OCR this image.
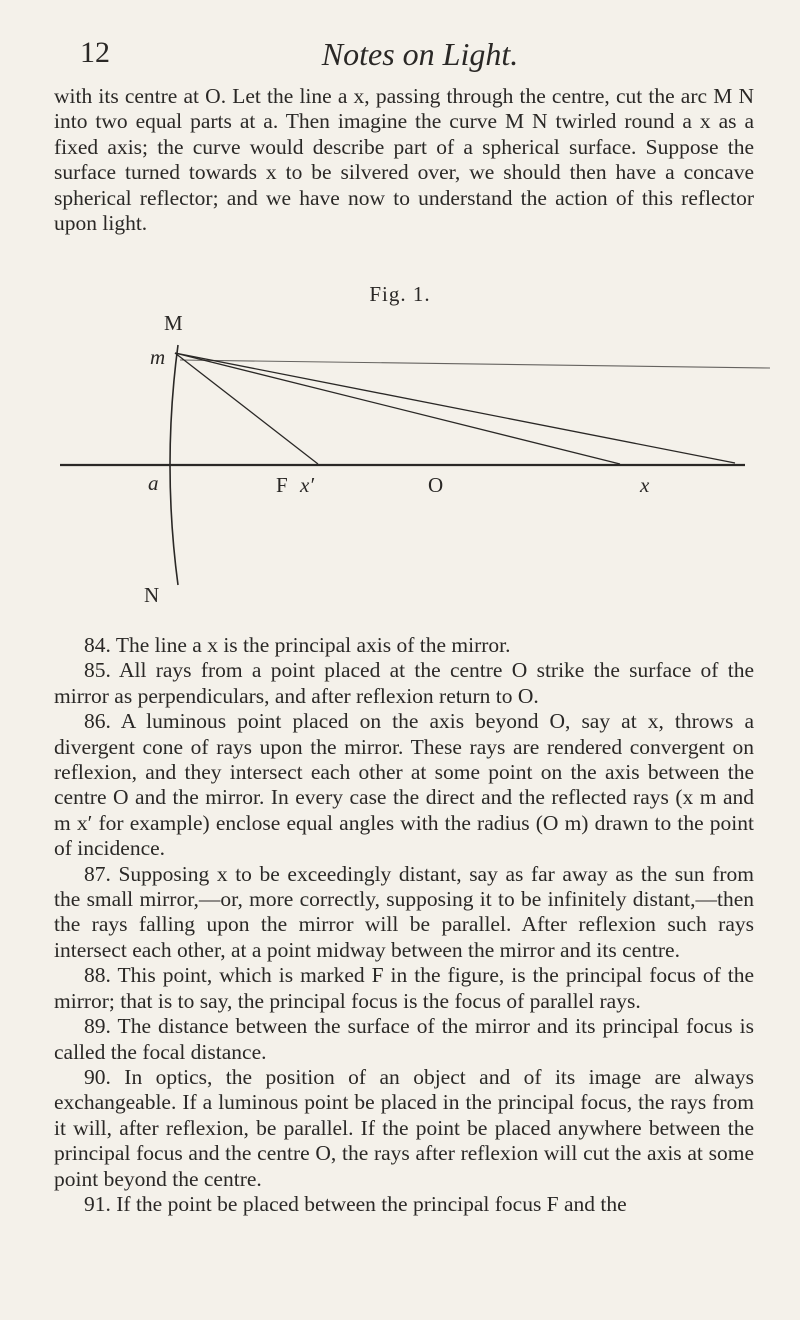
12	Notes on Light.
with its centre at O. Let the line a x, passing through the centre, cut the arc M N into two equal parts at a. Then imagine the curve M N twirled round a x as a fixed axis; the curve would describe part of a spherical surface. Suppose the surface turned towards x to be silvered over, we should then have a concave spherical reflector; and we have now to understand the action of this reflector upon light.
Fig. 1.
M
m
a	F x′	O	x
N

84. The line a x is the principal axis of the mirror.

85. All rays from a point placed at the centre O strike the surface of the mirror as perpendiculars, and after reflexion return to O.

86. A luminous point placed on the axis beyond O, say at x, throws a divergent cone of rays upon the mirror. These rays are rendered convergent on reflexion, and they intersect each other at some point on the axis between the centre O and the mirror. In every case the direct and the reflected rays (x m and m x′ for example) enclose equal angles with the radius (O m) drawn to the point of incidence.

87. Supposing x to be exceedingly distant, say as far away as the sun from the small mirror,—or, more correctly, supposing it to be infinitely distant,—then the rays falling upon the mirror will be parallel. After reflexion such rays intersect each other, at a point midway between the mirror and its centre.

88. This point, which is marked F in the figure, is the principal focus of the mirror; that is to say, the principal focus is the focus of parallel rays.

89. The distance between the surface of the mirror and its principal focus is called the focal distance.

90. In optics, the position of an object and of its image are always exchangeable. If a luminous point be placed in the principal focus, the rays from it will, after reflexion, be parallel. If the point be placed anywhere between the principal focus and the centre O, the rays after reflexion will cut the axis at some point beyond the centre.

91. If the point be placed between the principal focus F and the
